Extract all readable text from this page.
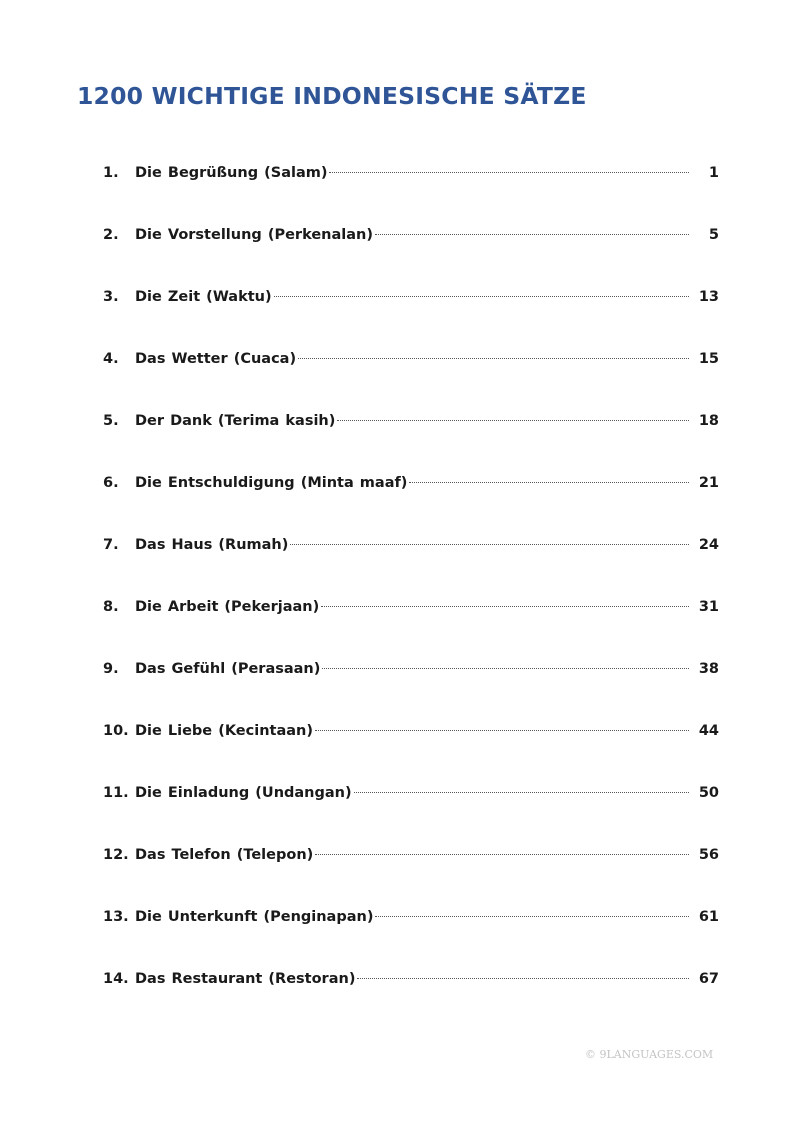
1200 WICHTIGE INDONESISCHE SÄTZE
1.	Die Begrüßung (Salam)	1
2.	Die Vorstellung (Perkenalan)	5
3.	Die Zeit (Waktu)	13
4.	Das Wetter (Cuaca)	15
5.	Der Dank (Terima kasih)	18
6.	Die Entschuldigung (Minta maaf)	21
7.	Das Haus (Rumah)	24
8.	Die Arbeit (Pekerjaan)	31
9.	Das Gefühl (Perasaan)	38
10. Die Liebe (Kecintaan)	44
11. Die Einladung (Undangan)	50
12. Das Telefon (Telepon)	56
13. Die Unterkunft (Penginapan)	61
14. Das Restaurant (Restoran)	67
© 9LANGUAGES.COM
